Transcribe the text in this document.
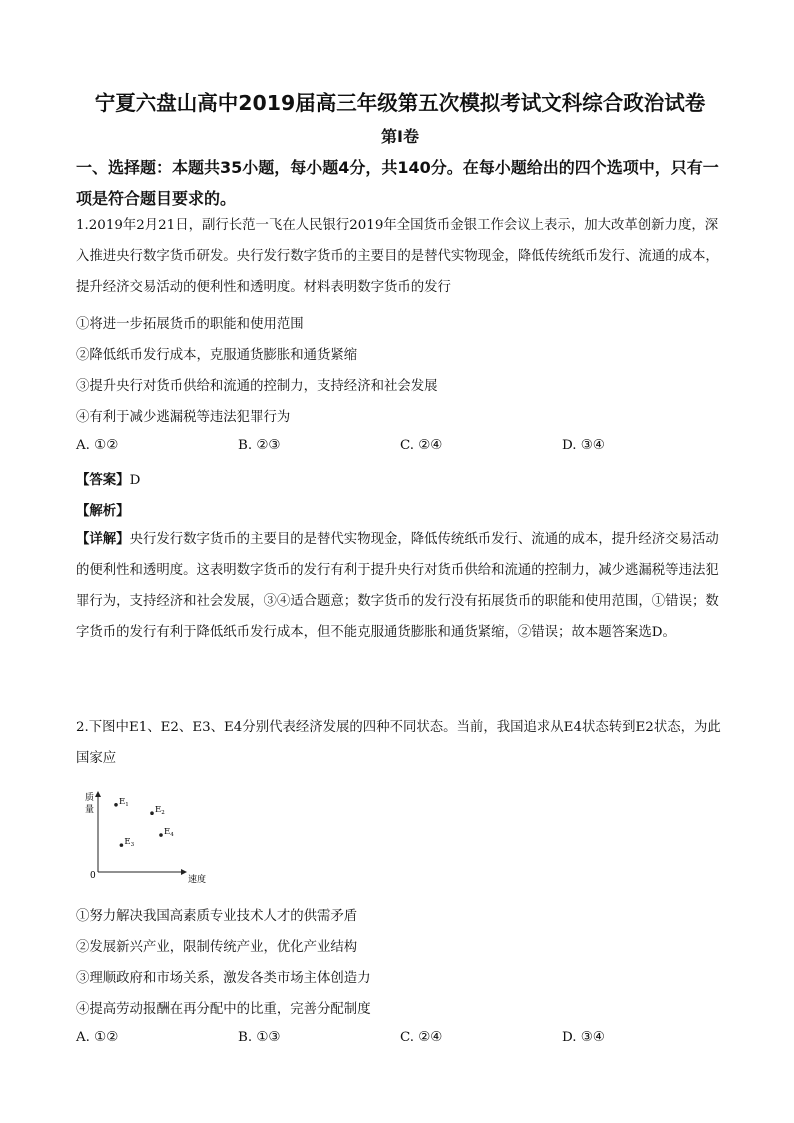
宁夏六盘山高中2019届高三年级第五次模拟考试文科综合政治试卷
第I卷
一、选择题：本题共35小题，每小题4分，共140分。在每小题给出的四个选项中，只有一项是符合题目要求的。
1.2019年2月21日，副行长范一飞在人民银行2019年全国货币金银工作会议上表示，加大改革创新力度，深入推进央行数字货币研发。央行发行数字货币的主要目的是替代实物现金，降低传统纸币发行、流通的成本，提升经济交易活动的便利性和透明度。材料表明数字货币的发行
①将进一步拓展货币的职能和使用范围
②降低纸币发行成本，克服通货膨胀和通货紧缩
③提升央行对货币供给和流通的控制力，支持经济和社会发展
④有利于减少逃漏税等违法犯罪行为
A. ①②	B. ②③	C. ②④	D. ③④
【答案】D
【解析】
【详解】央行发行数字货币的主要目的是替代实物现金，降低传统纸币发行、流通的成本，提升经济交易活动的便利性和透明度。这表明数字货币的发行有利于提升央行对货币供给和流通的控制力，减少逃漏税等违法犯罪行为，支持经济和社会发展，③④适合题意；数字货币的发行没有拓展货币的职能和使用范围，①错误；数字货币的发行有利于降低纸币发行成本，但不能克服通货膨胀和通货紧缩，②错误；故本题答案选D。
2.下图中E1、E2、E3、E4分别代表经济发展的四种不同状态。当前，我国追求从E4状态转到E2状态，为此国家应
质
量
速度
0
$E_1$
$E_2$
$E_3$
$E_4$
①努力解决我国高素质专业技术人才的供需矛盾
②发展新兴产业，限制传统产业，优化产业结构
③理顺政府和市场关系，激发各类市场主体创造力
④提高劳动报酬在再分配中的比重，完善分配制度
A. ①②	B. ①③	C. ②④	D. ③④
